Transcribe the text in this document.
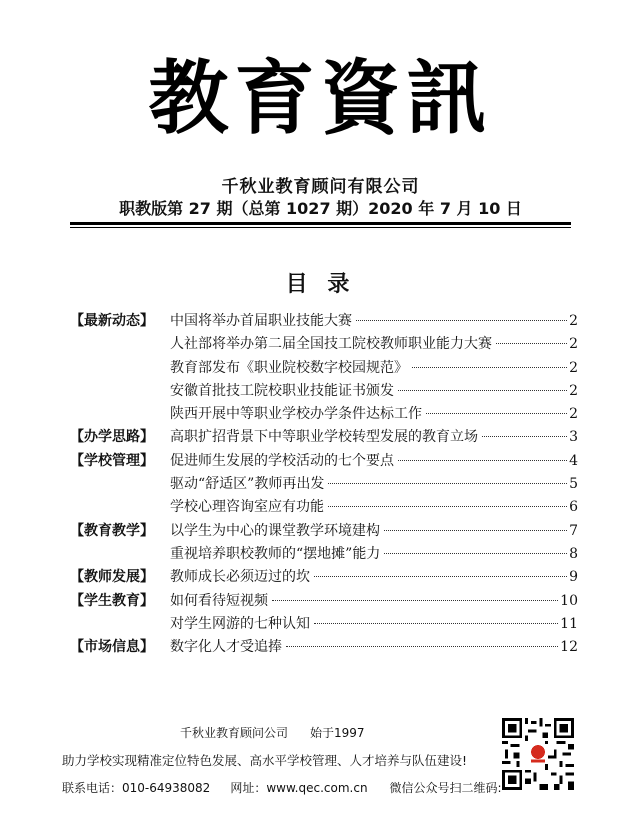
教育資訊
千秋业教育顾问有限公司
职教版第 27 期（总第 1027 期）2020 年 7 月 10 日
目 录
【最新动态】	中国将举办首届职业技能大赛	2
人社部将举办第二届全国技工院校教师职业能力大赛	2
教育部发布《职业院校数字校园规范》	2
安徽首批技工院校职业技能证书颁发	2
陕西开展中等职业学校办学条件达标工作	2
【办学思路】	高职扩招背景下中等职业学校转型发展的教育立场	3
【学校管理】	促进师生发展的学校活动的七个要点	4
驱动“舒适区”教师再出发	5
学校心理咨询室应有功能	6
【教育教学】	以学生为中心的课堂教学环境建构	7
重视培养职校教师的“摆地摊”能力	8
【教师发展】	教师成长必须迈过的坎	9
【学生教育】	如何看待短视频	10
对学生网游的七种认知	11
【市场信息】	数字化人才受追捧	12
千秋业教育顾问公司 始于1997
助力学校实现精准定位特色发展、高水平学校管理、人才培养与队伍建设!
联系电话：010-64938082 网址：www.qec.com.cn 微信公众号扫二维码:
